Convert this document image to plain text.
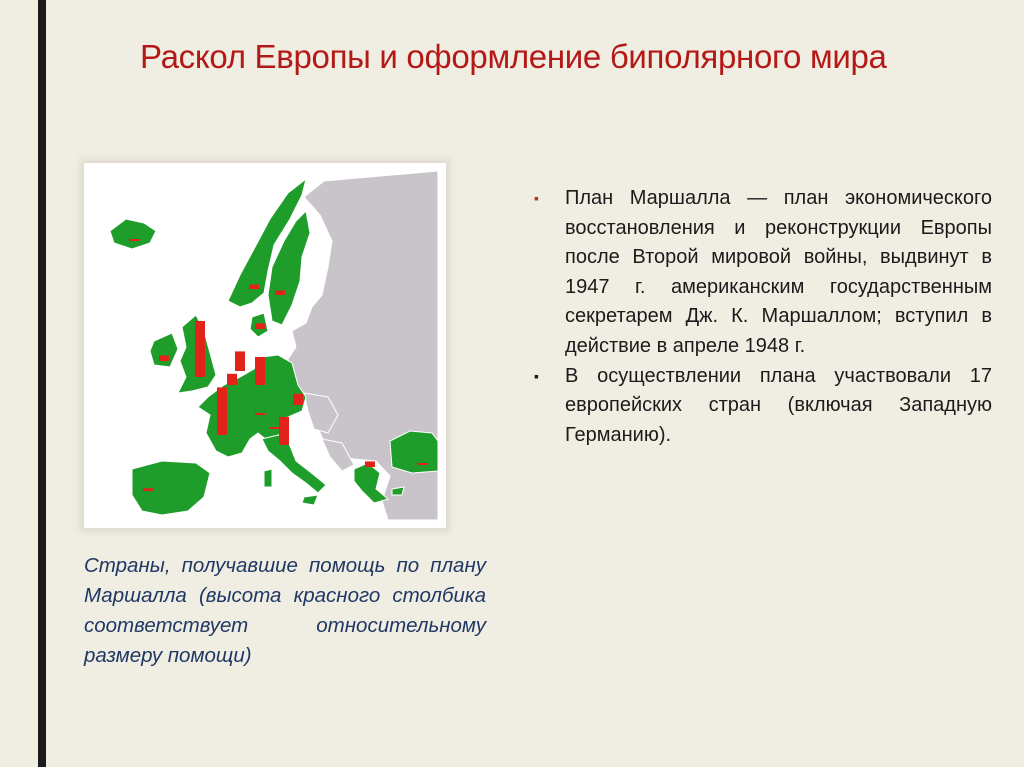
Раскол Европы и оформление биполярного мира
Страны, получавшие помощь по плану Маршалла (высота красного столбика соответствует относительному размеру помощи)
▪ План Маршалла — план экономического восстановления и реконструкции Европы после Второй мировой войны, выдвинут в 1947 г. американским государственным секретарем Дж. К. Маршаллом; вступил в действие в апреле 1948 г.
▪ В осуществлении плана участвовали 17 европейских стран (включая Западную Германию).
